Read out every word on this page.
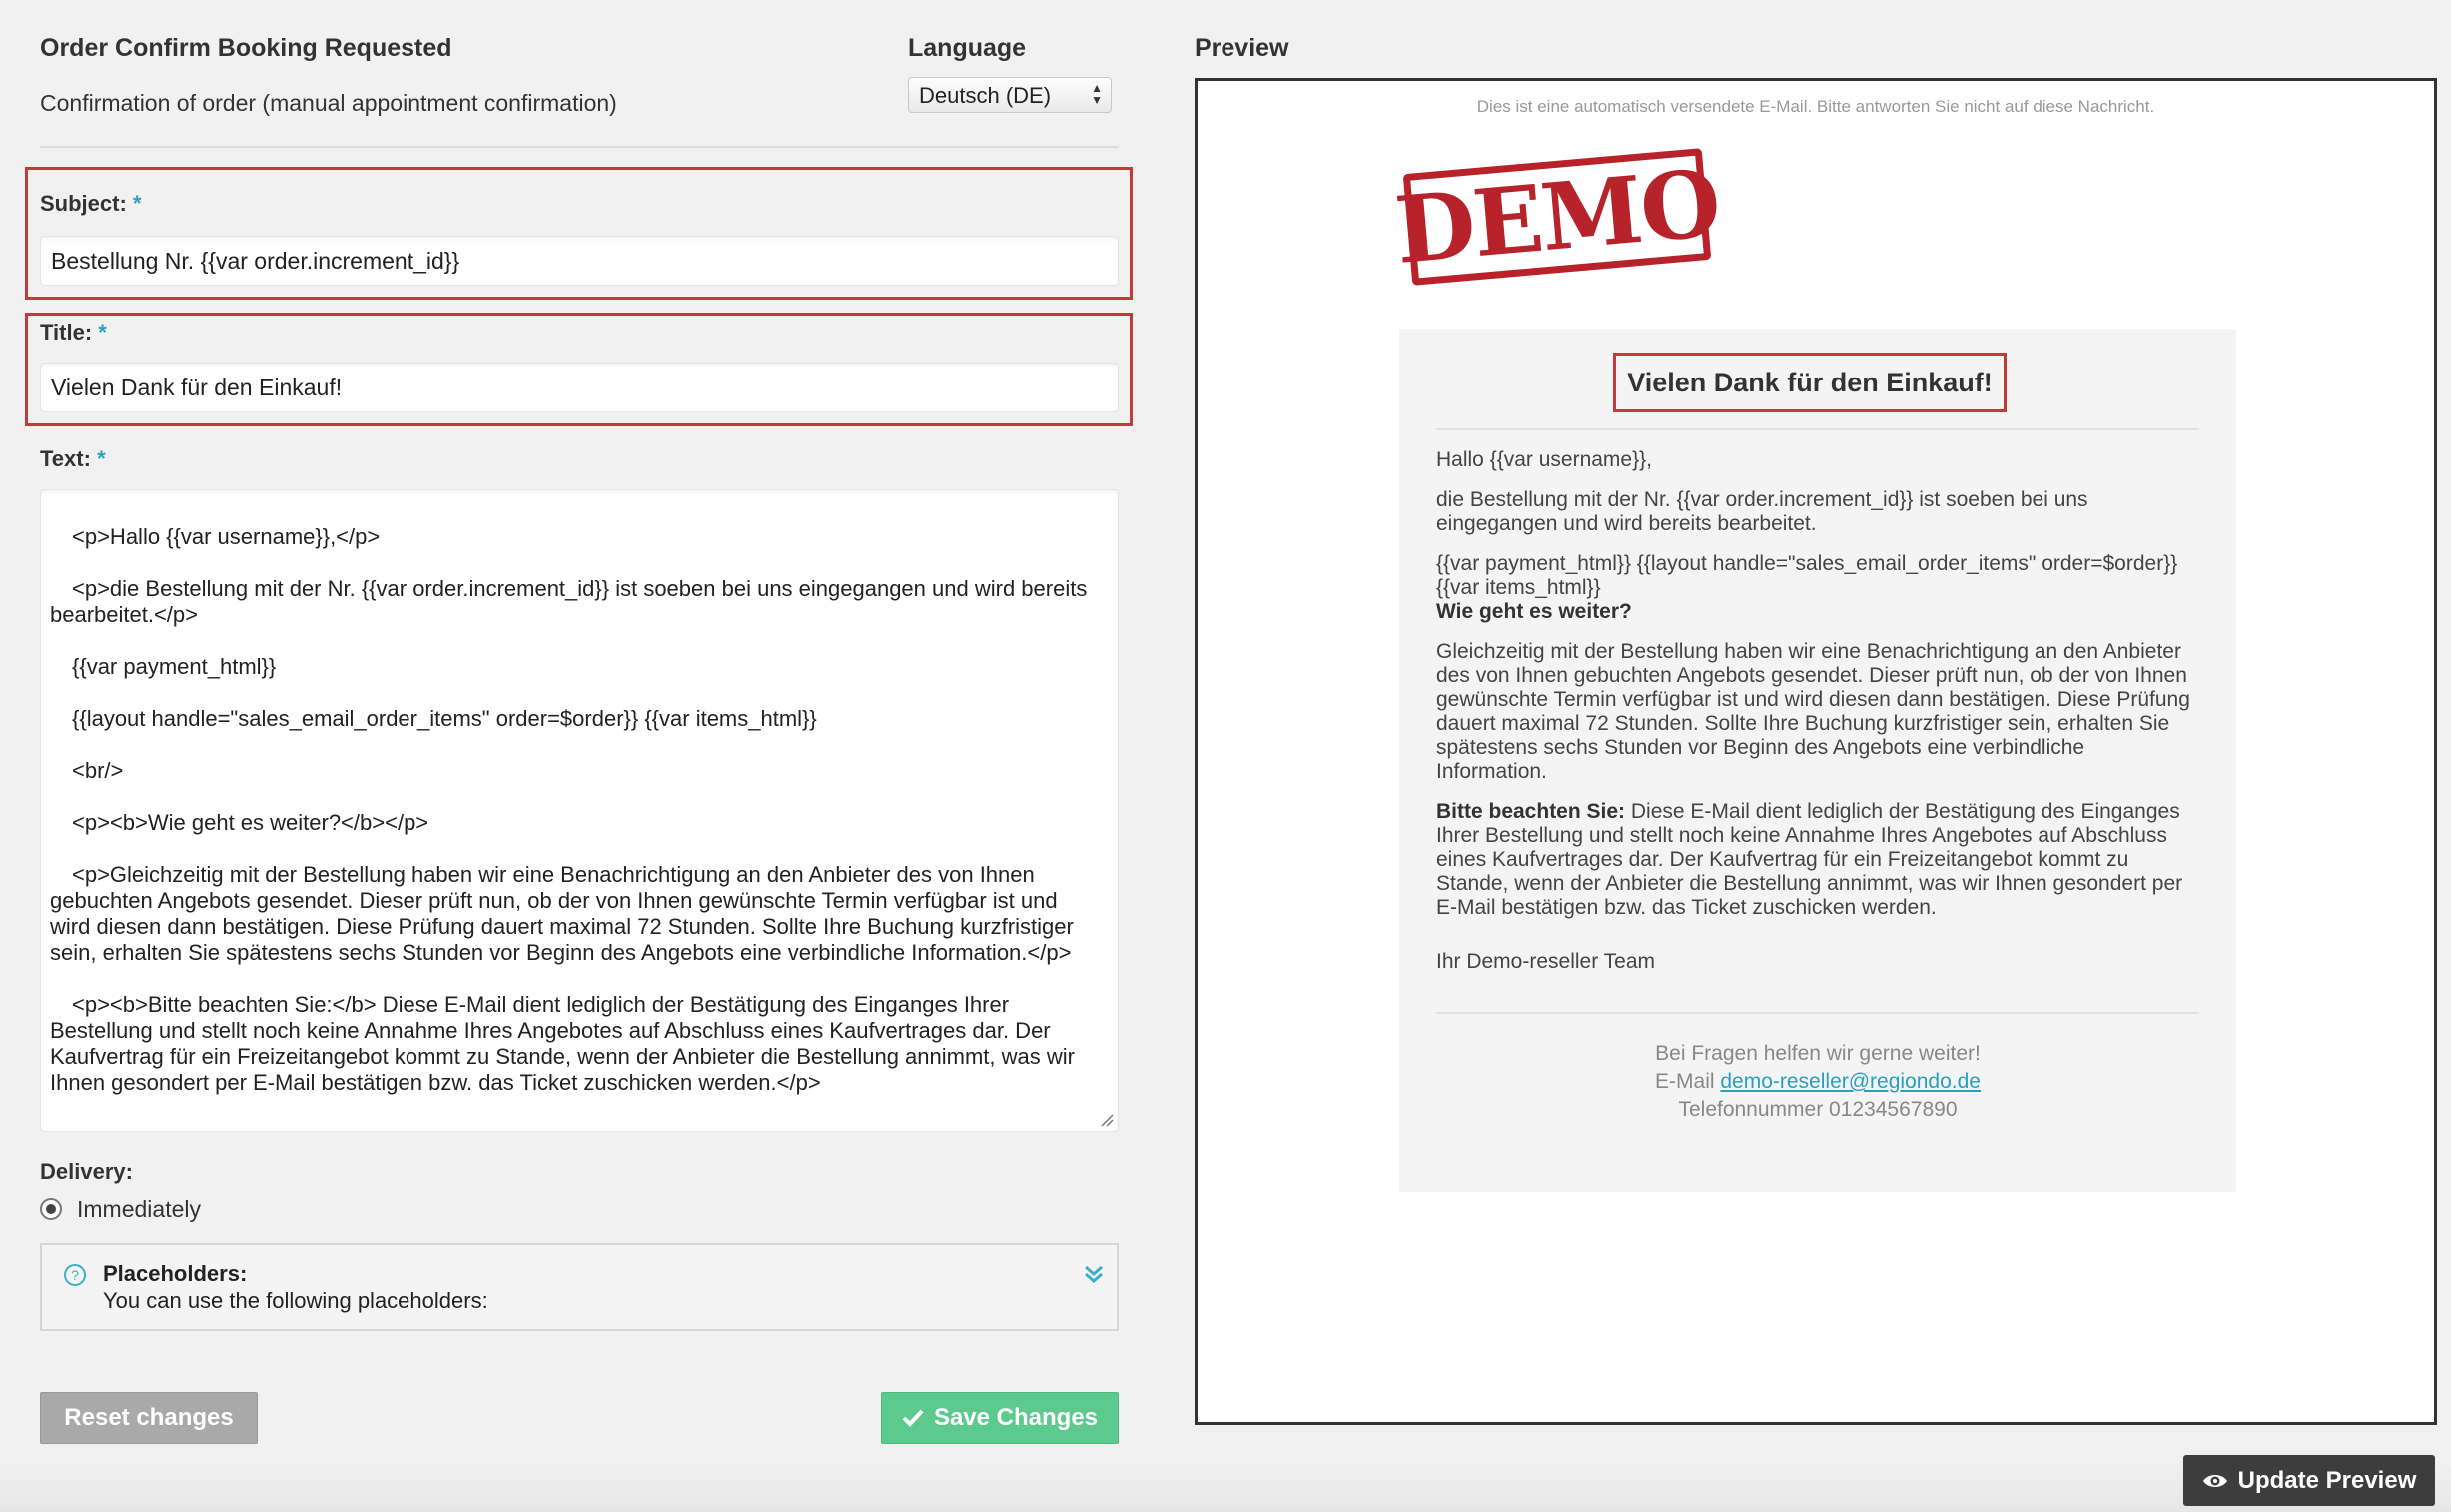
Order Confirm Booking Requested
Confirmation of order (manual appointment confirmation)
Language
Deutsch (DE)	▲
▼
Subject: *
Bestellung Nr. {{var order.increment_id}}
Title: *
Vielen Dank für den Einkauf!
Text: *

<p>Hallo {{var username}},</p>

<p>die Bestellung mit der Nr. {{var order.increment_id}} ist soeben bei uns eingegangen und wird bereits
bearbeitet.</p>

{{var payment_html}}

{{layout handle="sales_email_order_items" order=$order}} {{var items_html}}

<br/>

<p><b>Wie geht es weiter?</b></p>

<p>Gleichzeitig mit der Bestellung haben wir eine Benachrichtigung an den Anbieter des von Ihnen
gebuchten Angebots gesendet. Dieser prüft nun, ob der von Ihnen gewünschte Termin verfügbar ist und
wird diesen dann bestätigen. Diese Prüfung dauert maximal 72 Stunden. Sollte Ihre Buchung kurzfristiger
sein, erhalten Sie spätestens sechs Stunden vor Beginn des Angebots eine verbindliche Information.</p>

<p><b>Bitte beachten Sie:</b> Diese E-Mail dient lediglich der Bestätigung des Einganges Ihrer
Bestellung und stellt noch keine Annahme Ihres Angebotes auf Abschluss eines Kaufvertrages dar. Der
Kaufvertrag für ein Freizeitangebot kommt zu Stande, wenn der Anbieter die Bestellung annimmt, was wir
Ihnen gesondert per E-Mail bestätigen bzw. das Ticket zuschicken werden.</p>

Delivery:
Immediately
? Placeholders:
You can use the following placeholders:
Reset changes	Save Changes
Preview
Dies ist eine automatisch versendete E-Mail. Bitte antworten Sie nicht auf diese Nachricht.
DEMO
Vielen Dank für den Einkauf!

Hallo {{var username}},

die Bestellung mit der Nr. {{var order.increment_id}} ist soeben bei uns eingegangen und wird bereits bearbeitet.

{{var payment_html}} {{layout handle="sales_email_order_items" order=$order}}
{{var items_html}}
Wie geht es weiter?

Gleichzeitig mit der Bestellung haben wir eine Benachrichtigung an den Anbieter des von Ihnen gebuchten Angebots gesendet. Dieser prüft nun, ob der von Ihnen gewünschte Termin verfügbar ist und wird diesen dann bestätigen. Diese Prüfung dauert maximal 72 Stunden. Sollte Ihre Buchung kurzfristiger sein, erhalten Sie spätestens sechs Stunden vor Beginn des Angebots eine verbindliche Information.

Bitte beachten Sie: Diese E-Mail dient lediglich der Bestätigung des Einganges Ihrer Bestellung und stellt noch keine Annahme Ihres Angebotes auf Abschluss eines Kaufvertrages dar. Der Kaufvertrag für ein Freizeitangebot kommt zu Stande, wenn der Anbieter die Bestellung annimmt, was wir Ihnen gesondert per E-Mail bestätigen bzw. das Ticket zuschicken werden.

Ihr Demo-reseller Team

Bei Fragen helfen wir gerne weiter!
E-Mail demo-reseller@regiondo.de
Telefonnummer 01234567890
Update Preview
